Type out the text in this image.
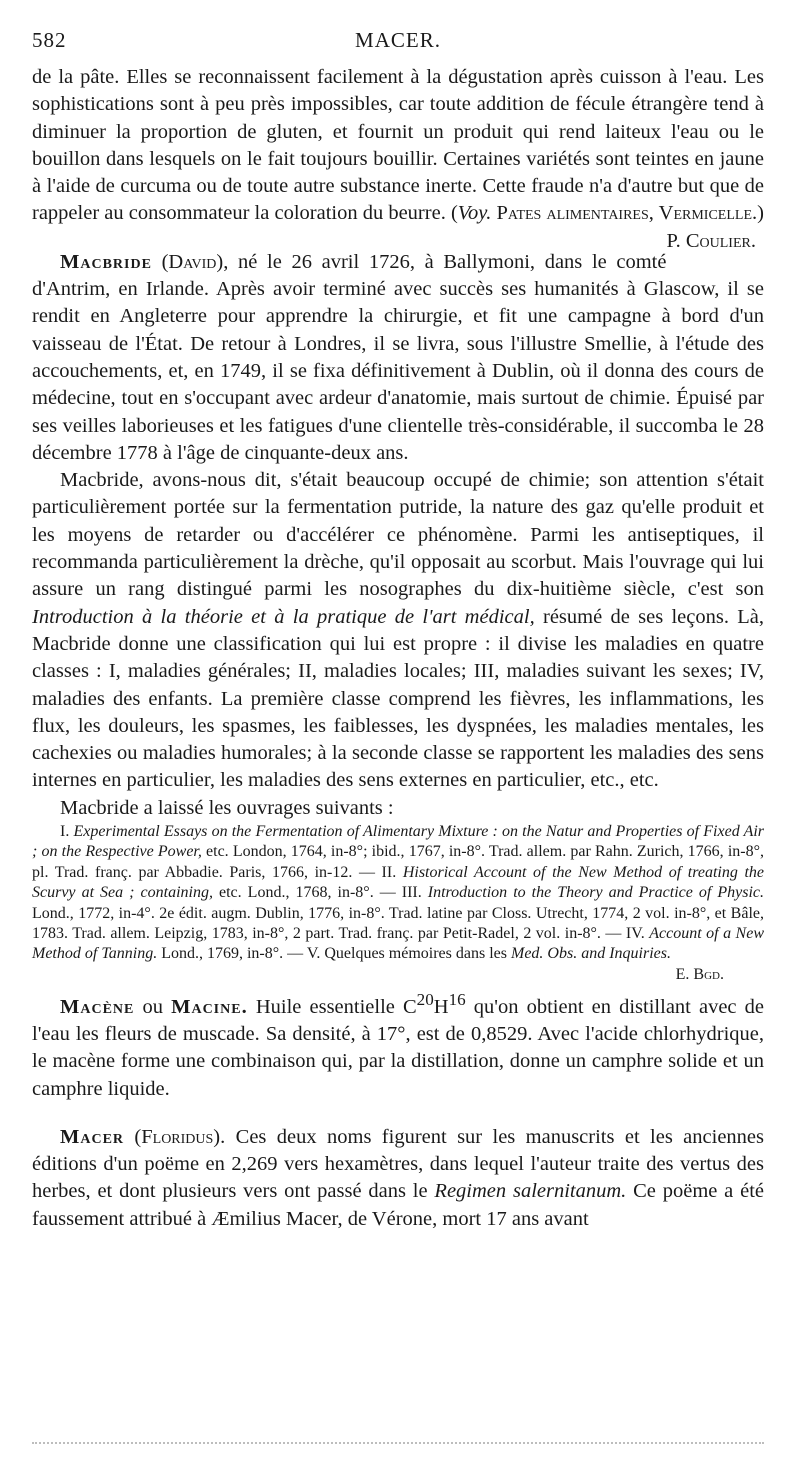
582	MACER.

de la pâte. Elles se reconnaissent facilement à la dégustation après cuisson à l'eau. Les sophistications sont à peu près impossibles, car toute addition de fécule étrangère tend à diminuer la proportion de gluten, et fournit un produit qui rend laiteux l'eau ou le bouillon dans lesquels on le fait toujours bouillir. Certaines variétés sont teintes en jaune à l'aide de curcuma ou de toute autre substance inerte. Cette fraude n'a d'autre but que de rappeler au consommateur la coloration du beurre. (Voy. Pates alimentaires, Vermicelle.)
P. Coulier.

Macbride (David), né le 26 avril 1726, à Ballymoni, dans le comté d'Antrim, en Irlande. Après avoir terminé avec succès ses humanités à Glascow, il se rendit en Angleterre pour apprendre la chirurgie, et fit une campagne à bord d'un vaisseau de l'État. De retour à Londres, il se livra, sous l'illustre Smellie, à l'étude des accouchements, et, en 1749, il se fixa définitivement à Dublin, où il donna des cours de médecine, tout en s'occupant avec ardeur d'anatomie, mais surtout de chimie. Épuisé par ses veilles laborieuses et les fatigues d'une clientelle très-considérable, il succomba le 28 décembre 1778 à l'âge de cinquante-deux ans.

Macbride, avons-nous dit, s'était beaucoup occupé de chimie; son attention s'était particulièrement portée sur la fermentation putride, la nature des gaz qu'elle produit et les moyens de retarder ou d'accélérer ce phénomène. Parmi les antiseptiques, il recommanda particulièrement la drèche, qu'il opposait au scorbut. Mais l'ouvrage qui lui assure un rang distingué parmi les nosographes du dix-huitième siècle, c'est son Introduction à la théorie et à la pratique de l'art médical, résumé de ses leçons. Là, Macbride donne une classification qui lui est propre : il divise les maladies en quatre classes : I, maladies générales; II, maladies locales; III, maladies suivant les sexes; IV, maladies des enfants. La première classe comprend les fièvres, les inflammations, les flux, les douleurs, les spasmes, les faiblesses, les dyspnées, les maladies mentales, les cachexies ou maladies humorales; à la seconde classe se rapportent les maladies des sens internes en particulier, les maladies des sens externes en particulier, etc., etc.

Macbride a laissé les ouvrages suivants :

I. Experimental Essays on the Fermentation of Alimentary Mixture : on the Natur and Properties of Fixed Air ; on the Respective Power, etc. London, 1764, in-8°; ibid., 1767, in-8°. Trad. allem. par Rahn. Zurich, 1766, in-8°, pl. Trad. franç. par Abbadie. Paris, 1766, in-12. — II. Historical Account of the New Method of treating the Scurvy at Sea ; containing, etc. Lond., 1768, in-8°. — III. Introduction to the Theory and Practice of Physic. Lond., 1772, in-4°. 2e édit. augm. Dublin, 1776, in-8°. Trad. latine par Closs. Utrecht, 1774, 2 vol. in-8°, et Bâle, 1783. Trad. allem. Leipzig, 1783, in-8°, 2 part. Trad. franç. par Petit-Radel, 2 vol. in-8°. — IV. Account of a New Method of Tanning. Lond., 1769, in-8°. — V. Quelques mémoires dans les Med. Obs. and Inquiries.
E. Bgd.

Macène ou Macine. Huile essentielle $C^{20}H^{16}$ qu'on obtient en distillant avec de l'eau les fleurs de muscade. Sa densité, à 17°, est de 0,8529. Avec l'acide chlorhydrique, le macène forme une combinaison qui, par la distillation, donne un camphre solide et un camphre liquide.

Macer (Floridus). Ces deux noms figurent sur les manuscrits et les anciennes éditions d'un poëme en 2,269 vers hexamètres, dans lequel l'auteur traite des vertus des herbes, et dont plusieurs vers ont passé dans le Regimen salernitanum. Ce poëme a été faussement attribué à Æmilius Macer, de Vérone, mort 17 ans avant
